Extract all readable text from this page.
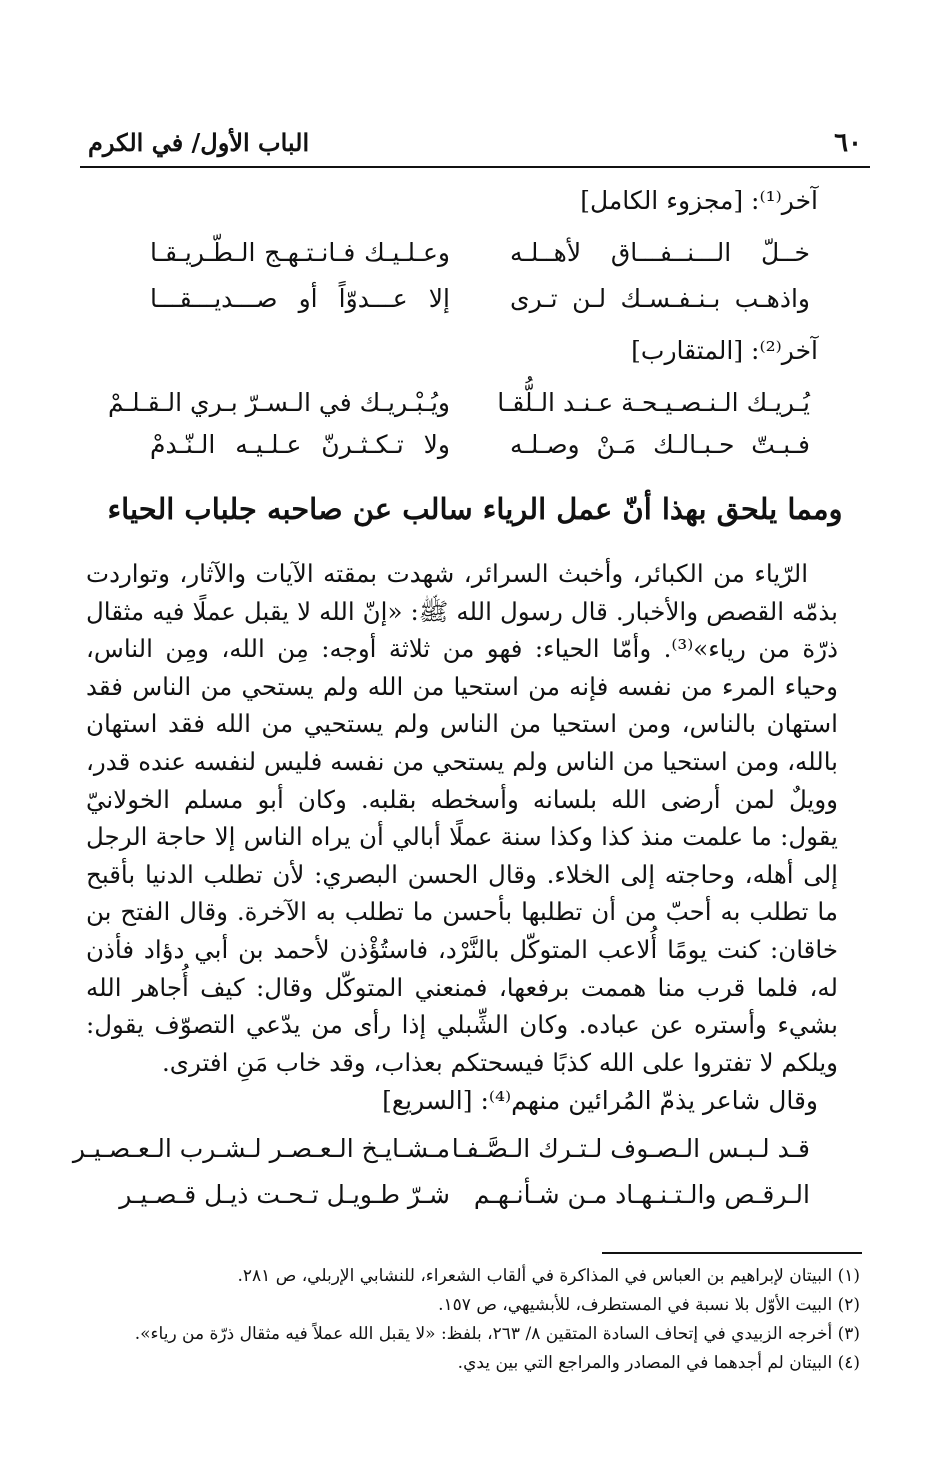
٦٠
الباب الأول/ في الكرم
آخر⁽¹⁾: [مجزوء الكامل]
خــلّ الـــنــفـــاق لأهــلـه
وعـلـيـك فـانـتـهـج الـطّـريـقـا
واذهـب بـنـفـسـك لـن تـرى
إلا عـــدوّاً أو صـــديـــقـــا
آخر⁽²⁾: [المتقارب]
يُـريـك الـنـصـيـحـة عـنـد الـلُّقـا
ويُـبْـريـك في الـسـرّ بـري الـقـلـمْ
فـبـتّ حـبـالـك مَـنْ وصـلـه
ولا تـكـثـرنّ عـلـيـه الـنّـدمْ
ومما يلحق بهذا أنّ عمل الرياء سالب عن صاحبه جلباب الحياء
الرّياء من الكبائر، وأخبث السرائر، شهدت بمقته الآيات والآثار، وتواردت بذمّه القصص والأخبار. قال رسول الله ﷺ: «إنّ الله لا يقبل عملًا فيه مثقال ذرّة من رياء»⁽³⁾. وأمّا الحياء: فهو من ثلاثة أوجه: مِن الله، ومِن الناس، وحياء المرء من نفسه فإنه من استحيا من الله ولم يستحي من الناس فقد استهان بالناس، ومن استحيا من الناس ولم يستحيي من الله فقد استهان بالله، ومن استحيا من الناس ولم يستحي من نفسه فليس لنفسه عنده قدر، وويلٌ لمن أرضى الله بلسانه وأسخطه بقلبه. وكان أبو مسلم الخولانيّ يقول: ما علمت منذ كذا وكذا سنة عملًا أبالي أن يراه الناس إلا حاجة الرجل إلى أهله، وحاجته إلى الخلاء. وقال الحسن البصري: لأن تطلب الدنيا بأقبح ما تطلب به أحبّ من أن تطلبها بأحسن ما تطلب به الآخرة. وقال الفتح بن خاقان: كنت يومًا أُلاعب المتوكّل بالنَّرْد، فاستُؤْذن لأحمد بن أبي دؤاد فأذن له، فلما قرب منا هممت برفعها، فمنعني المتوكّل وقال: كيف أُجاهر الله بشيء وأستره عن عباده. وكان الشِّبلي إذا رأى من يدّعي التصوّف يقول: ويلكم لا تفتروا على الله كذبًا فيسحتكم بعذاب، وقد خاب مَنِ افترى.
وقال شاعر يذمّ المُرائين منهم⁽⁴⁾: [السريع]
قـد لـبـس الـصـوف لـتـرك الـصَّـفـا
مـشـايـخ الـعـصـر لـشـرب الـعـصـيـر
الـرقـص والـتـنـهـاد مـن شـأنـهـم
شـرّ طـويـل تـحـت ذيـل قـصـيـر
(١) البيتان لإبراهيم بن العباس في المذاكرة في ألقاب الشعراء، للنشابي الإربلي، ص ٢٨١.
(٢) البيت الأوّل بلا نسبة في المستطرف، للأبشيهي، ص ١٥٧.
(٣) أخرجه الزبيدي في إتحاف السادة المتقين ٨/ ٢٦٣، بلفظ: «لا يقبل الله عملاً فيه مثقال ذرّة من رياء».
(٤) البيتان لم أجدهما في المصادر والمراجع التي بين يدي.
